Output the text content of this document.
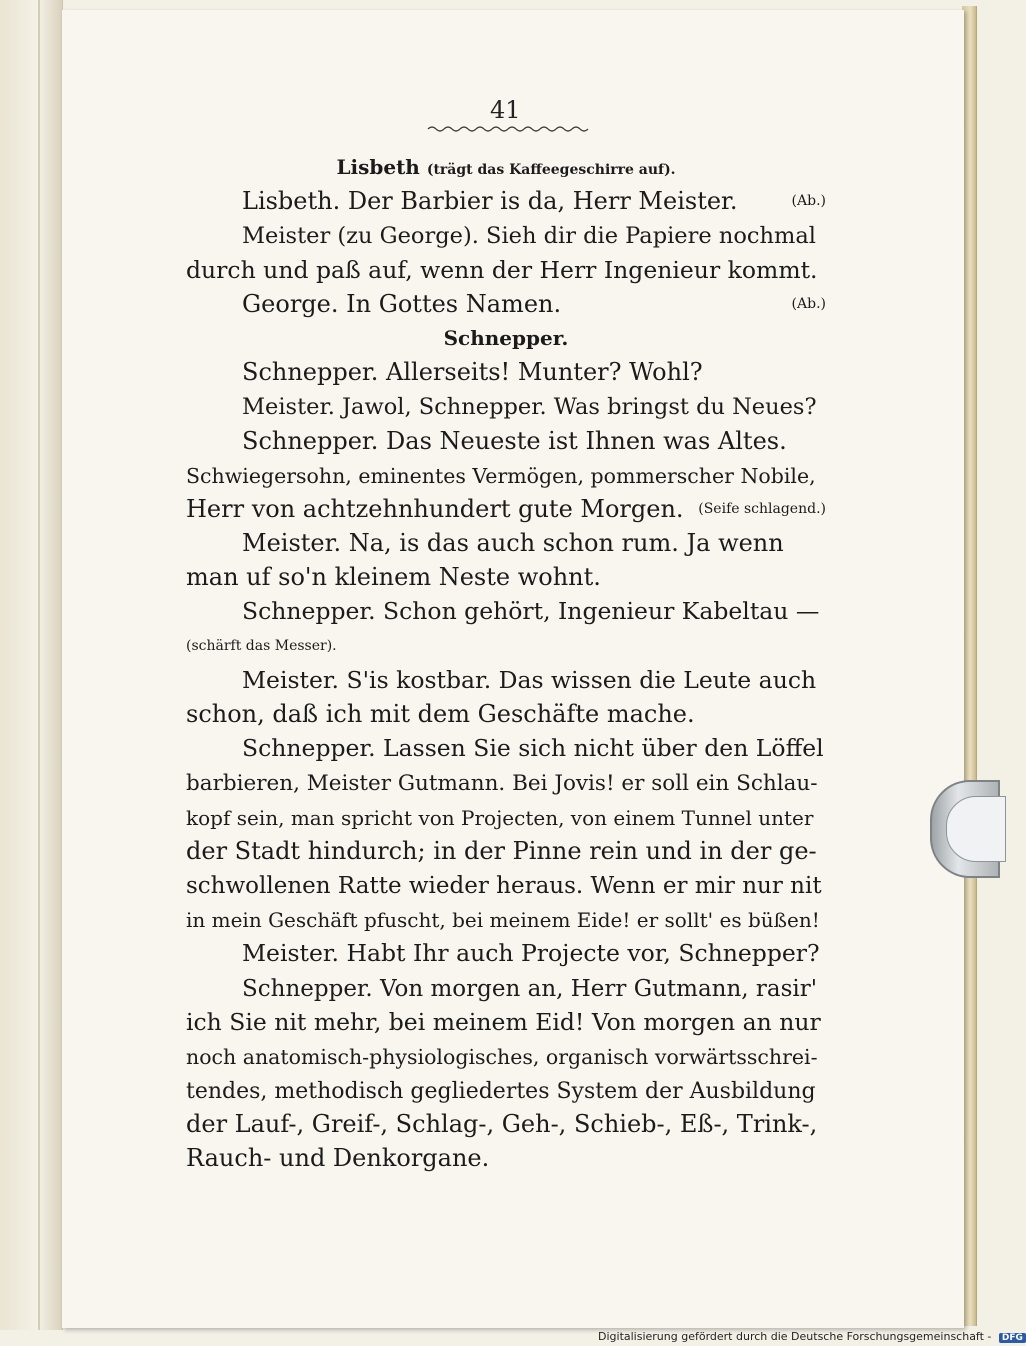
41
Lisbeth (trägt das Kaffeegeschirre auf).
Lisbeth. Der Barbier is da, Herr Meister.	(Ab.)
Meister (zu George). Sieh dir die Papiere nochmal
durch und paß auf, wenn der Herr Ingenieur kommt.
George. In Gottes Namen.	(Ab.)
Schnepper.
Schnepper. Allerseits! Munter? Wohl?
Meister. Jawol, Schnepper. Was bringst du Neues?
Schnepper. Das Neueste ist Ihnen was Altes.
Schwiegersohn, eminentes Vermögen, pommerscher Nobile,
Herr von achtzehnhundert gute Morgen. (Seife schlagend.)
Meister. Na, is das auch schon rum. Ja wenn
man uf so'n kleinem Neste wohnt.
Schnepper. Schon gehört, Ingenieur Kabeltau —
(schärft das Messer).
Meister. S'is kostbar. Das wissen die Leute auch
schon, daß ich mit dem Geschäfte mache.
Schnepper. Lassen Sie sich nicht über den Löffel
barbieren, Meister Gutmann. Bei Jovis! er soll ein Schlau-
kopf sein, man spricht von Projecten, von einem Tunnel unter
der Stadt hindurch; in der Pinne rein und in der ge-
schwollenen Ratte wieder heraus. Wenn er mir nur nit
in mein Geschäft pfuscht, bei meinem Eide! er sollt' es büßen!
Meister. Habt Ihr auch Projecte vor, Schnepper?
Schnepper. Von morgen an, Herr Gutmann, rasir'
ich Sie nit mehr, bei meinem Eid! Von morgen an nur
noch anatomisch-physiologisches, organisch vorwärtsschrei-
tendes, methodisch gegliedertes System der Ausbildung
der Lauf-, Greif-, Schlag-, Geh-, Schieb-, Eß-, Trink-,
Rauch- und Denkorgane.
Digitalisierung gefördert durch die Deutsche Forschungsgemeinschaft - DFG
